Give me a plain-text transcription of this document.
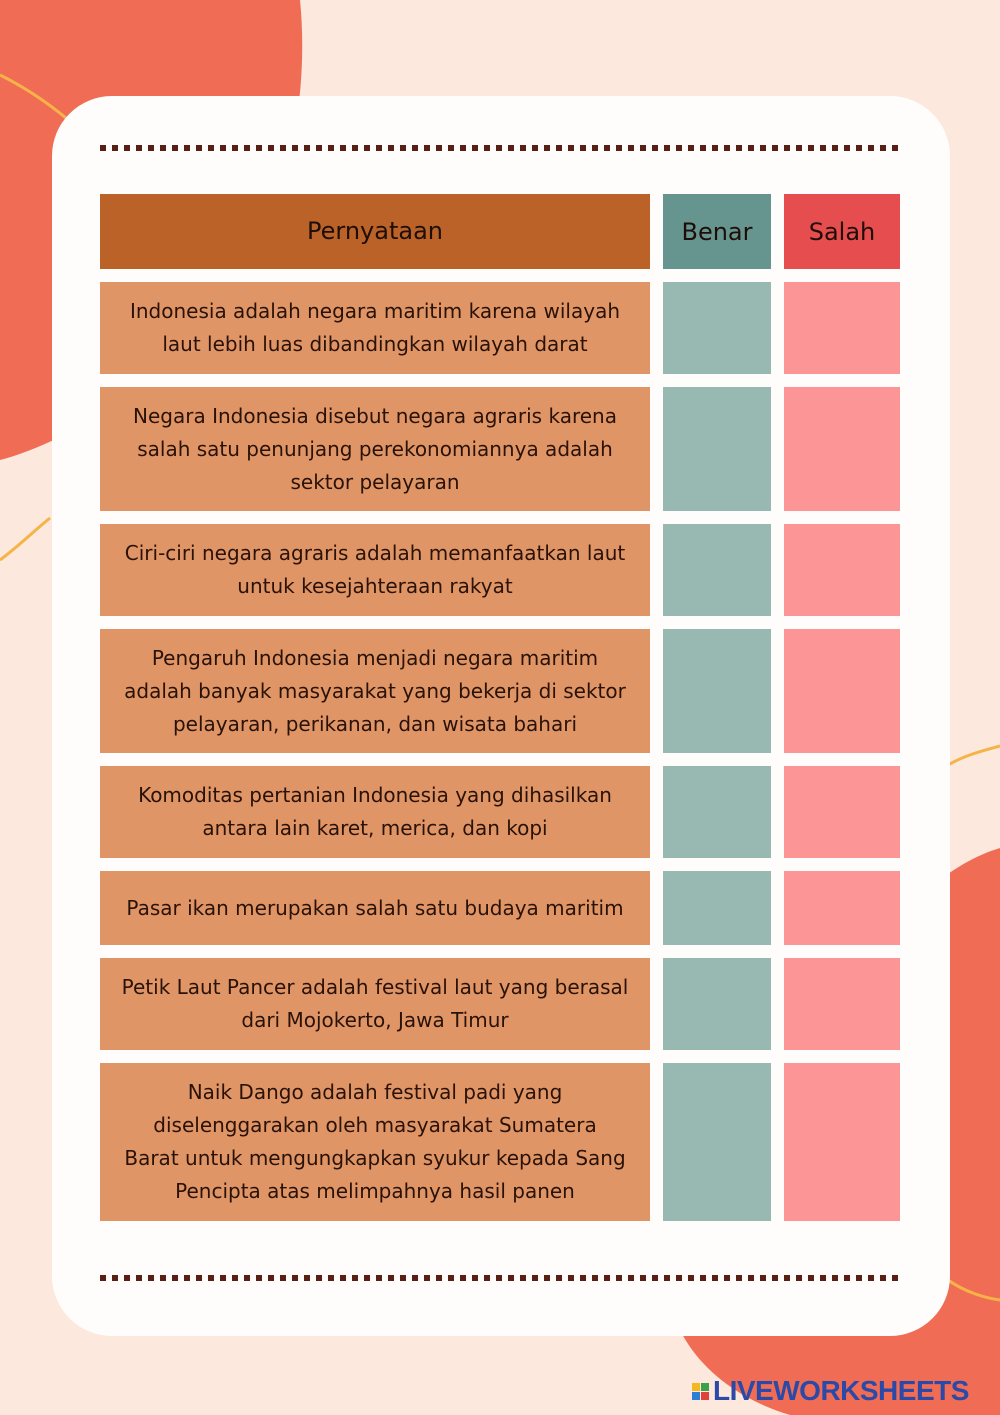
Pernyataan	Benar	Salah
Indonesia adalah negara maritim karena wilayah
laut lebih luas dibandingkan wilayah darat
Negara Indonesia disebut negara agraris karena
salah satu penunjang perekonomiannya adalah
sektor pelayaran
Ciri-ciri negara agraris adalah memanfaatkan laut
untuk kesejahteraan rakyat
Pengaruh Indonesia menjadi negara maritim
adalah banyak masyarakat yang bekerja di sektor
pelayaran, perikanan, dan wisata bahari
Komoditas pertanian Indonesia yang dihasilkan
antara lain karet, merica, dan kopi
Pasar ikan merupakan salah satu budaya maritim
Petik Laut Pancer adalah festival laut yang berasal
dari Mojokerto, Jawa Timur
Naik Dango adalah festival padi yang
diselenggarakan oleh masyarakat Sumatera
Barat untuk mengungkapkan syukur kepada Sang
Pencipta atas melimpahnya hasil panen
LIVEWORKSHEETS
